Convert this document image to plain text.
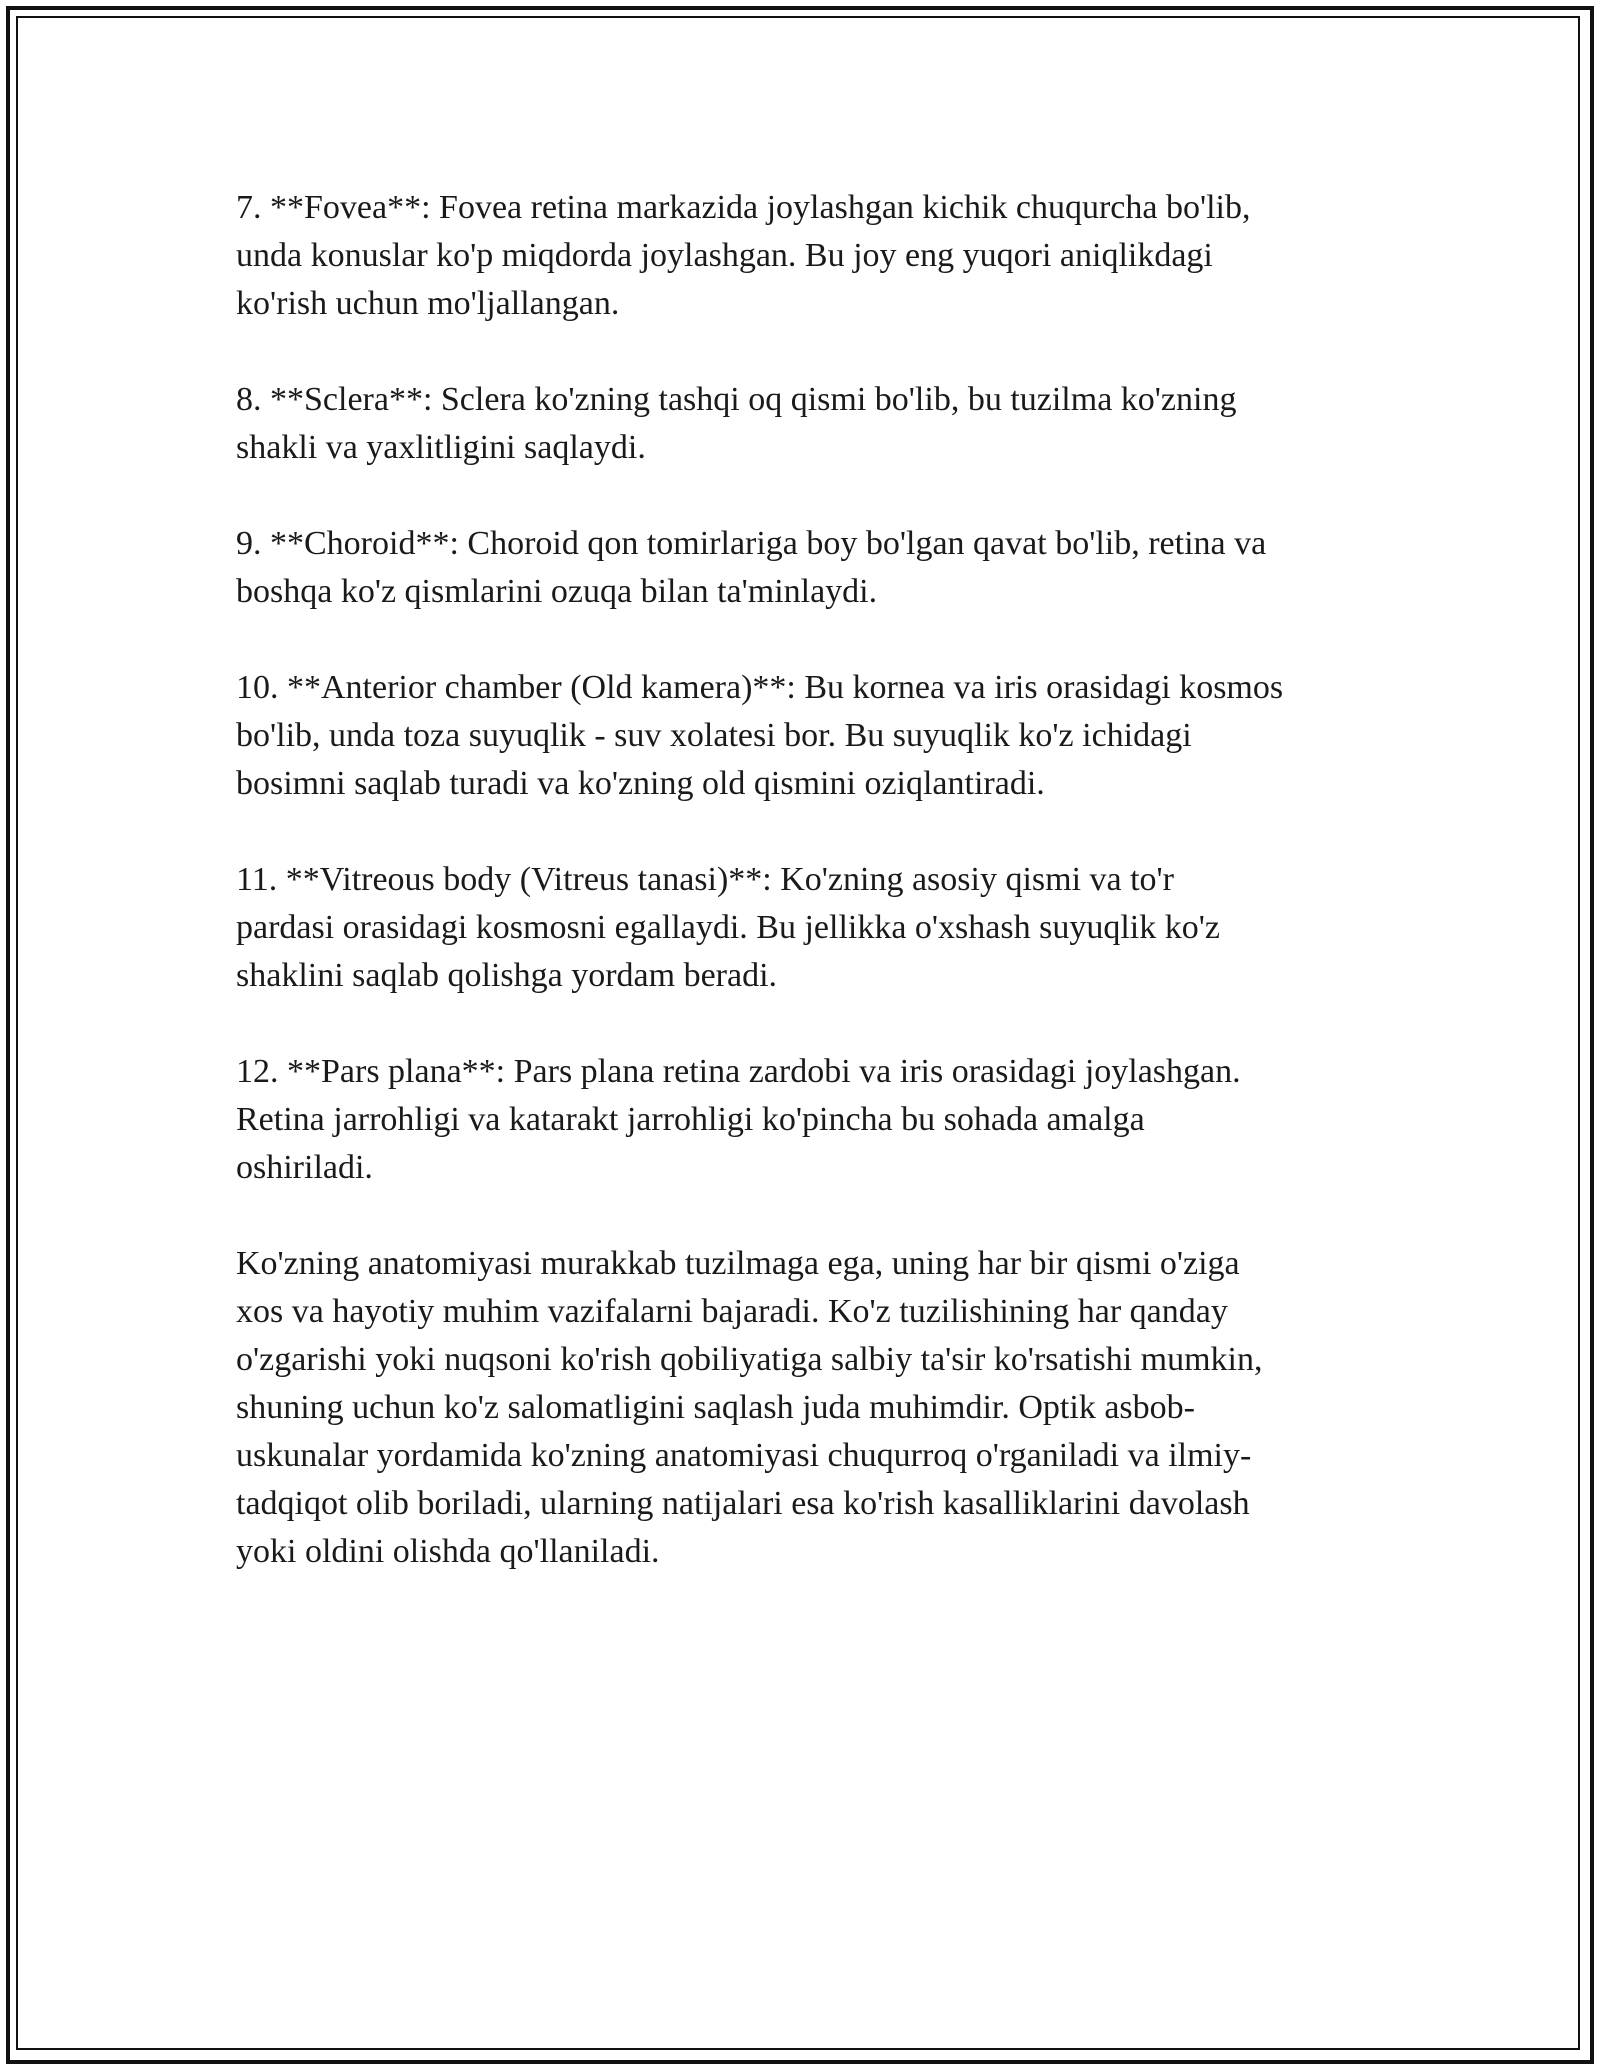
7. **Fovea**: Fovea retina markazida joylashgan kichik chuqurcha bo'lib,
unda konuslar ko'p miqdorda joylashgan. Bu joy eng yuqori aniqlikdagi
ko'rish uchun mo'ljallangan.

8. **Sclera**: Sclera ko'zning tashqi oq qismi bo'lib, bu tuzilma ko'zning
shakli va yaxlitligini saqlaydi.

9. **Choroid**: Choroid qon tomirlariga boy bo'lgan qavat bo'lib, retina va
boshqa ko'z qismlarini ozuqa bilan ta'minlaydi.

10. **Anterior chamber (Old kamera)**: Bu kornea va iris orasidagi kosmos
bo'lib, unda toza suyuqlik - suv xolatesi bor. Bu suyuqlik ko'z ichidagi
bosimni saqlab turadi va ko'zning old qismini oziqlantiradi.

11. **Vitreous body (Vitreus tanasi)**: Ko'zning asosiy qismi va to'r
pardasi orasidagi kosmosni egallaydi. Bu jellikka o'xshash suyuqlik ko'z
shaklini saqlab qolishga yordam beradi.

12. **Pars plana**: Pars plana retina zardobi va iris orasidagi joylashgan.
Retina jarrohligi va katarakt jarrohligi ko'pincha bu sohada amalga
oshiriladi.

Ko'zning anatomiyasi murakkab tuzilmaga ega, uning har bir qismi o'ziga
xos va hayotiy muhim vazifalarni bajaradi. Ko'z tuzilishining har qanday
o'zgarishi yoki nuqsoni ko'rish qobiliyatiga salbiy ta'sir ko'rsatishi mumkin,
shuning uchun ko'z salomatligini saqlash juda muhimdir. Optik asbob-
uskunalar yordamida ko'zning anatomiyasi chuqurroq o'rganiladi va ilmiy-
tadqiqot olib boriladi, ularning natijalari esa ko'rish kasalliklarini davolash
yoki oldini olishda qo'llaniladi.
